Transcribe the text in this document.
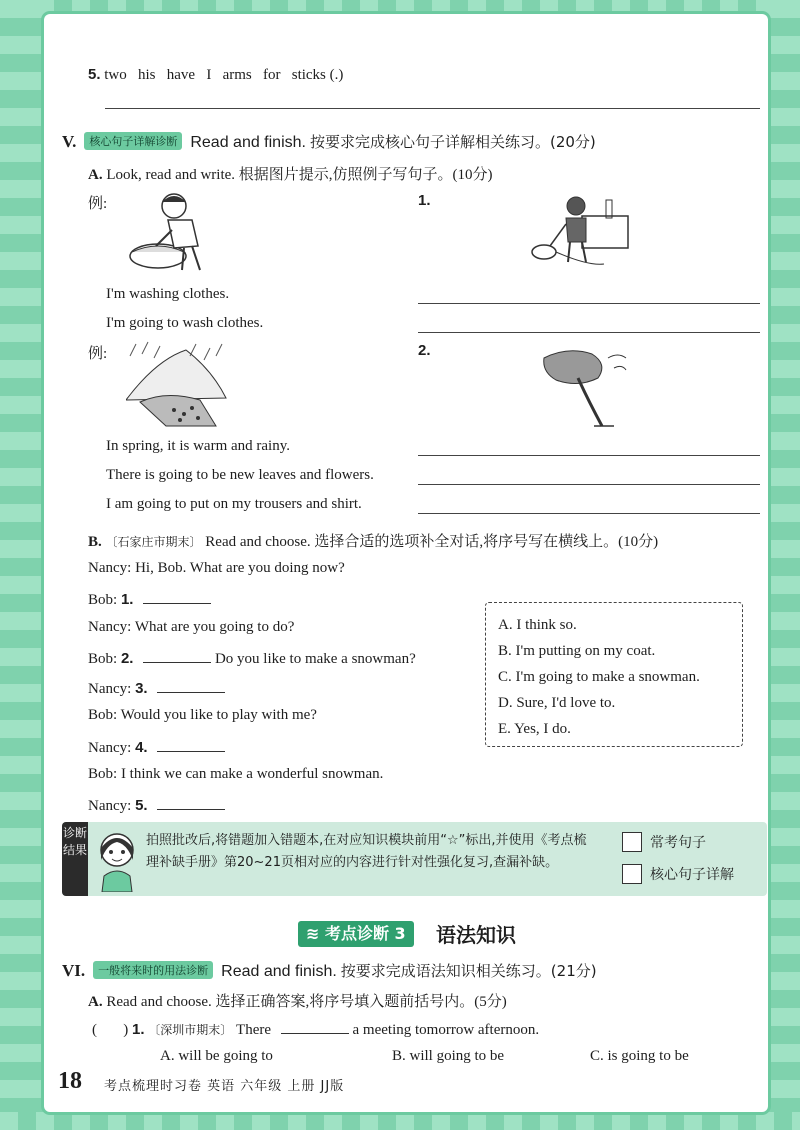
5. two   his   have   I   arms   for   sticks (.)
V. 核心句子详解诊断 Read and finish. 按要求完成核心句子详解相关练习。(20分)
A. Look, read and write. 根据图片提示,仿照例子写句子。(10分)
例:	1.
I'm washing clothes.
I'm going to wash clothes.
例:	2.
In spring, it is warm and rainy.
There is going to be new leaves and flowers.
I am going to put on my trousers and shirt.
B. 〔石家庄市期末〕 Read and choose. 选择合适的选项补全对话,将序号写在横线上。(10分)
Nancy: Hi, Bob. What are you doing now?
Bob: 1.
Nancy: What are you going to do?
Bob: 2.	Do you like to make a snowman?
Nancy: 3.
Bob: Would you like to play with me?
Nancy: 4.
Bob: I think we can make a wonderful snowman.
Nancy: 5.
A. I think so.
B. I'm putting on my coat.
C. I'm going to make a snowman.
D. Sure, I'd love to.
E. Yes, I do.
诊断结果
拍照批改后,将错题加入错题本,在对应知识模块前用“☆”标出,并使用《考点梳理补缺手册》第20~21页相对应的内容进行针对性强化复习,查漏补缺。
常考句子
核心句子详解
≋ 考点诊断 3	语法知识
VI. 一般将来时的用法诊断 Read and finish. 按要求完成语法知识相关练习。(21分)
A. Read and choose. 选择正确答案,将序号填入题前括号内。(5分)
(       ) 1. 〔深圳市期末〕 There	a meeting tomorrow afternoon.
A. will be going to	B. will going to be	C. is going to be
18 考点梳理时习卷 英语 六年级 上册 JJ版
